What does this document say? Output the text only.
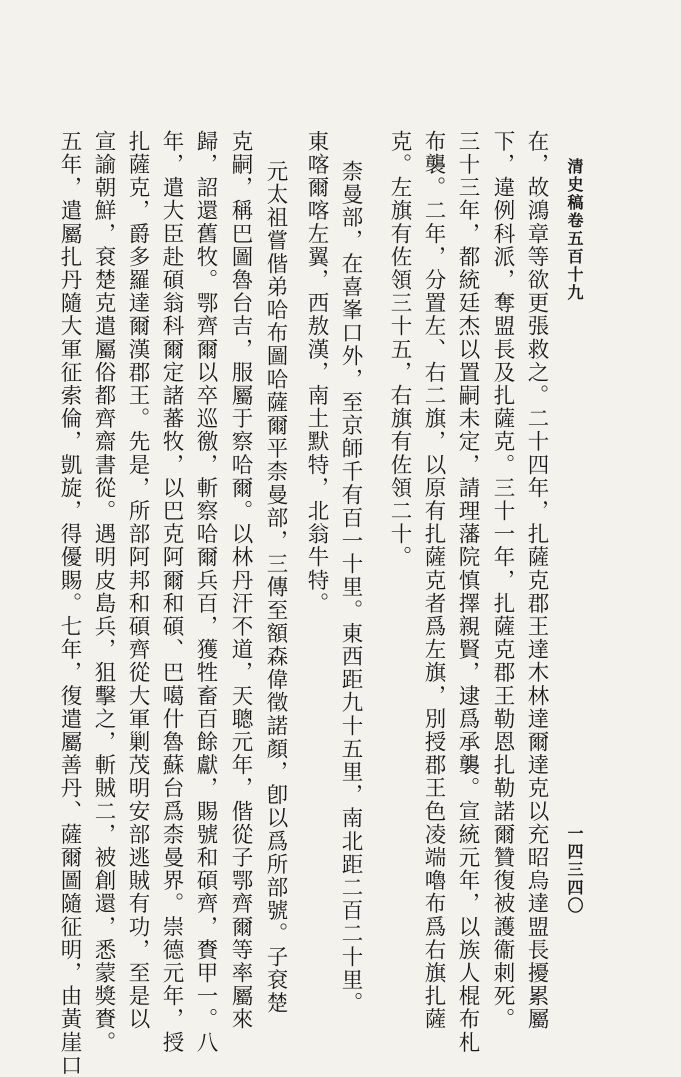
清史稿卷五百十九
一四三四〇
在，故鴻章等欲更張救之。二十四年，扎薩克郡王達木林達爾達克以充昭烏達盟長擾累屬
下，違例科派，奪盟長及扎薩克。三十一年，扎薩克郡王勒恩扎勒諾爾贊復被護衞刺死。
三十三年，都統廷杰以置嗣未定，請理藩院慎擇親賢，逮爲承襲。宣統元年，以族人棍布札
布襲。二年，分置左、右二旗，以原有扎薩克者爲左旗，別授郡王色凌端嚕布爲右旗扎薩
克。左旗有佐領三十五，右旗有佐領二十。
柰曼部，在喜峯口外，至京師千有百一十里。東西距九十五里，南北距二百二十里。
東喀爾喀左翼，西敖漢，南土默特，北翁牛特。
元太祖嘗偕弟哈布圖哈薩爾平柰曼部，三傳至額森偉徵諾顏，卽以爲所部號。子袞楚
克嗣，稱巴圖魯台吉，服屬于察哈爾。以林丹汗不道，天聰元年，偕從子鄂齊爾等率屬來
歸，詔還舊牧。鄂齊爾以卒巡徼，斬察哈爾兵百，獲牲畜百餘獻，賜號和碩齊，賚甲一。八
年，遣大臣赴碩翁科爾定諸蕃牧，以巴克阿爾和碩、巴噶什魯蘇台爲柰曼界。崇德元年，授
扎薩克，爵多羅達爾漢郡王。先是，所部阿邦和碩齊從大軍剿茂明安部逃賊有功，至是以
宣諭朝鮮，袞楚克遣屬俗都齊齋書從。遇明皮島兵，狙擊之，斬賊二，被創還，悉蒙獎賚。
五年，遣屬扎丹隨大軍征索倫，凱旋，得優賜。七年，復遣屬善丹、薩爾圖隨征明，由黃崖口
